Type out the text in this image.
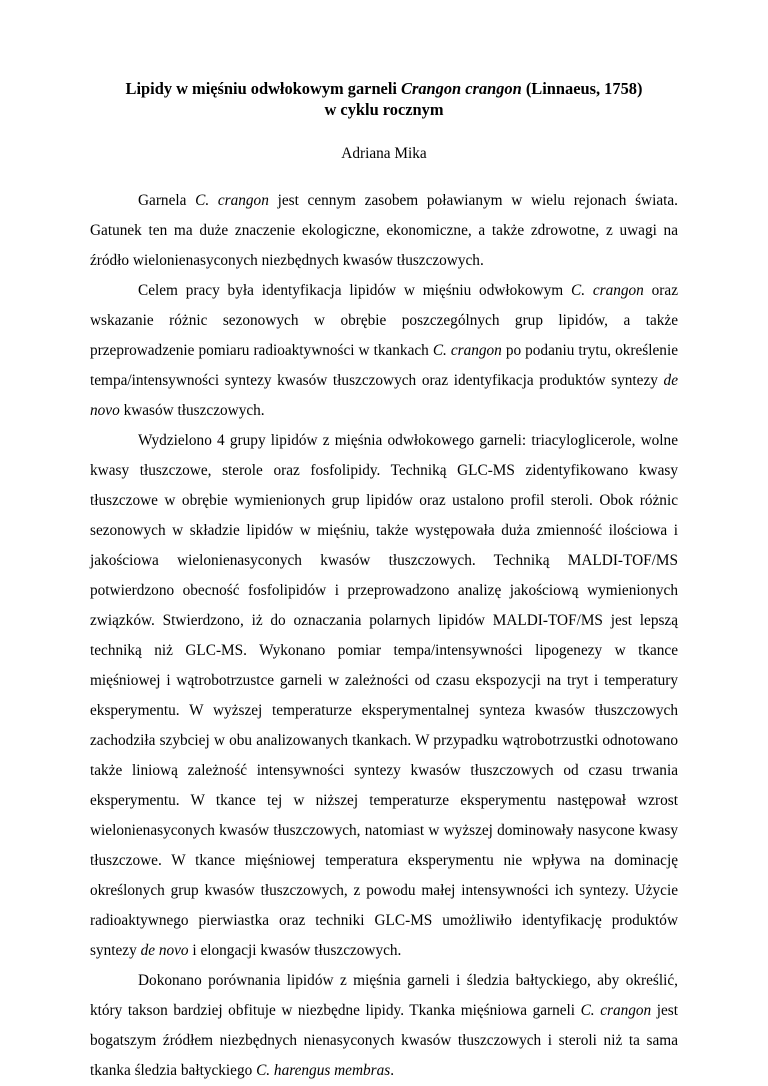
Lipidy w mięśniu odwłokowym garneli Crangon crangon (Linnaeus, 1758)
w cyklu rocznym
Adriana Mika

Garnela C. crangon jest cennym zasobem poławianym w wielu rejonach świata. Gatunek ten ma duże znaczenie ekologiczne, ekonomiczne, a także zdrowotne, z uwagi na źródło wielonienasyconych niezbędnych kwasów tłuszczowych.

Celem pracy była identyfikacja lipidów w mięśniu odwłokowym C. crangon oraz wskazanie różnic sezonowych w obrębie poszczególnych grup lipidów, a także przeprowadzenie pomiaru radioaktywności w tkankach C. crangon po podaniu trytu, określenie tempa/intensywności syntezy kwasów tłuszczowych oraz identyfikacja produktów syntezy de novo kwasów tłuszczowych.

Wydzielono 4 grupy lipidów z mięśnia odwłokowego garneli: triacyloglicerole, wolne kwasy tłuszczowe, sterole oraz fosfolipidy. Techniką GLC-MS zidentyfikowano kwasy tłuszczowe w obrębie wymienionych grup lipidów oraz ustalono profil steroli. Obok różnic sezonowych w składzie lipidów w mięśniu, także występowała duża zmienność ilościowa i jakościowa wielonienasyconych kwasów tłuszczowych. Techniką MALDI-TOF/MS potwierdzono obecność fosfolipidów i przeprowadzono analizę jakościową wymienionych związków. Stwierdzono, iż do oznaczania polarnych lipidów MALDI-TOF/MS jest lepszą techniką niż GLC-MS. Wykonano pomiar tempa/intensywności lipogenezy w tkance mięśniowej i wątrobotrzustce garneli w zależności od czasu ekspozycji na tryt i temperatury eksperymentu. W wyższej temperaturze eksperymentalnej synteza kwasów tłuszczowych zachodziła szybciej w obu analizowanych tkankach. W przypadku wątrobotrzustki odnotowano także liniową zależność intensywności syntezy kwasów tłuszczowych od czasu trwania eksperymentu. W tkance tej w niższej temperaturze eksperymentu następował wzrost wielonienasyconych kwasów tłuszczowych, natomiast w wyższej dominowały nasycone kwasy tłuszczowe. W tkance mięśniowej temperatura eksperymentu nie wpływa na dominację określonych grup kwasów tłuszczowych, z powodu małej intensywności ich syntezy. Użycie radioaktywnego pierwiastka oraz techniki GLC-MS umożliwiło identyfikację produktów syntezy de novo i elongacji kwasów tłuszczowych.

Dokonano porównania lipidów z mięśnia garneli i śledzia bałtyckiego, aby określić, który takson bardziej obfituje w niezbędne lipidy. Tkanka mięśniowa garneli C. crangon jest bogatszym źródłem niezbędnych nienasyconych kwasów tłuszczowych i steroli niż ta sama tkanka śledzia bałtyckiego C. harengus membras.
